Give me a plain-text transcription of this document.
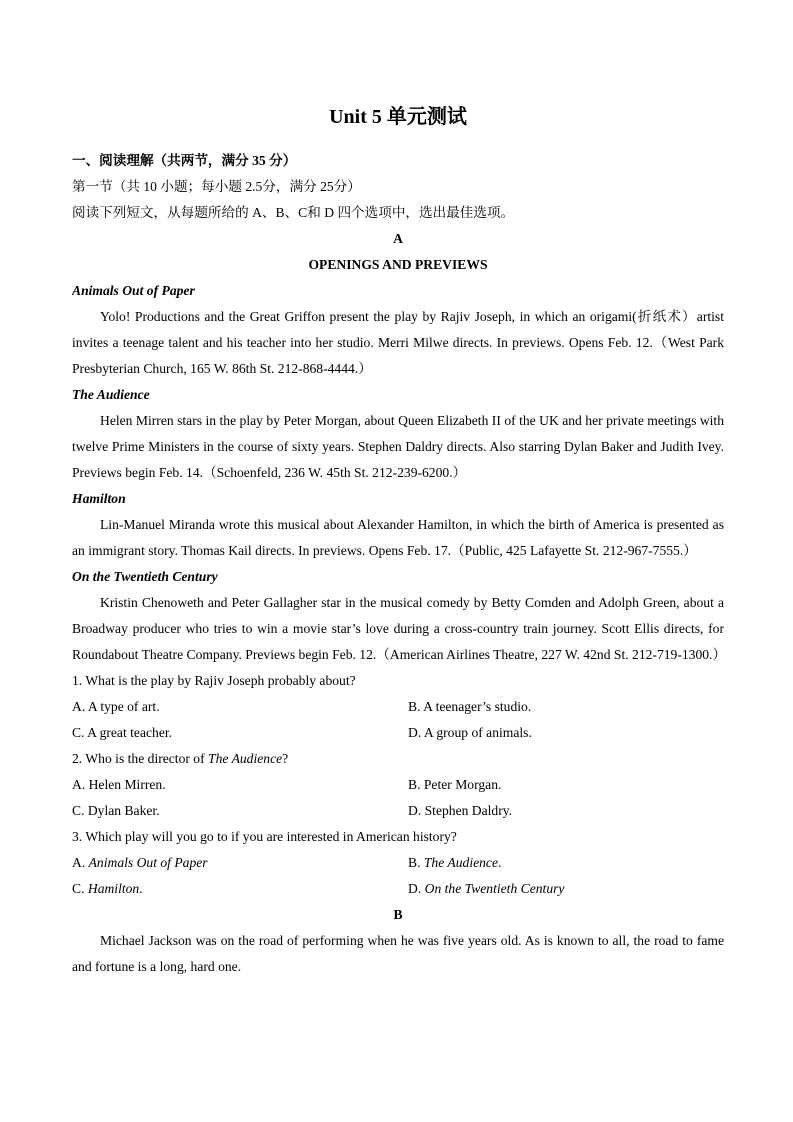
Unit 5 单元测试
一、阅读理解（共两节，满分 35 分）
第一节（共 10 小题；每小题 2.5分，满分 25分）
阅读下列短文，从每题所给的 A、B、C和 D 四个选项中，选出最佳选项。
A
OPENINGS AND PREVIEWS
Animals Out of Paper
Yolo! Productions and the Great Griffon present the play by Rajiv Joseph, in which an origami(折纸术）artist invites a teenage talent and his teacher into her studio. Merri Milwe directs. In previews. Opens Feb. 12.（West Park Presbyterian Church, 165 W. 86th St. 212-868-4444.）
The Audience
Helen Mirren stars in the play by Peter Morgan, about Queen Elizabeth II of the UK and her private meetings with twelve Prime Ministers in the course of sixty years. Stephen Daldry directs. Also starring Dylan Baker and Judith Ivey. Previews begin Feb. 14.（Schoenfeld, 236 W. 45th St. 212-239-6200.）
Hamilton
Lin-Manuel Miranda wrote this musical about Alexander Hamilton, in which the birth of America is presented as an immigrant story. Thomas Kail directs. In previews. Opens Feb. 17.（Public, 425 Lafayette St. 212-967-7555.）
On the Twentieth Century
Kristin Chenoweth and Peter Gallagher star in the musical comedy by Betty Comden and Adolph Green, about a Broadway producer who tries to win a movie star’s love during a cross-country train journey. Scott Ellis directs, for Roundabout Theatre Company. Previews begin Feb. 12.（American Airlines Theatre, 227 W. 42nd St. 212-719-1300.）
1. What is the play by Rajiv Joseph probably about?
A. A type of art.	B. A teenager’s studio.
C. A great teacher.	D. A group of animals.
2. Who is the director of The Audience?
A. Helen Mirren.	B. Peter Morgan.
C. Dylan Baker.	D. Stephen Daldry.
3. Which play will you go to if you are interested in American history?
A. Animals Out of Paper	B. The Audience.
C. Hamilton.	D. On the Twentieth Century
B
Michael Jackson was on the road of performing when he was five years old. As is known to all, the road to fame and fortune is a long, hard one.
